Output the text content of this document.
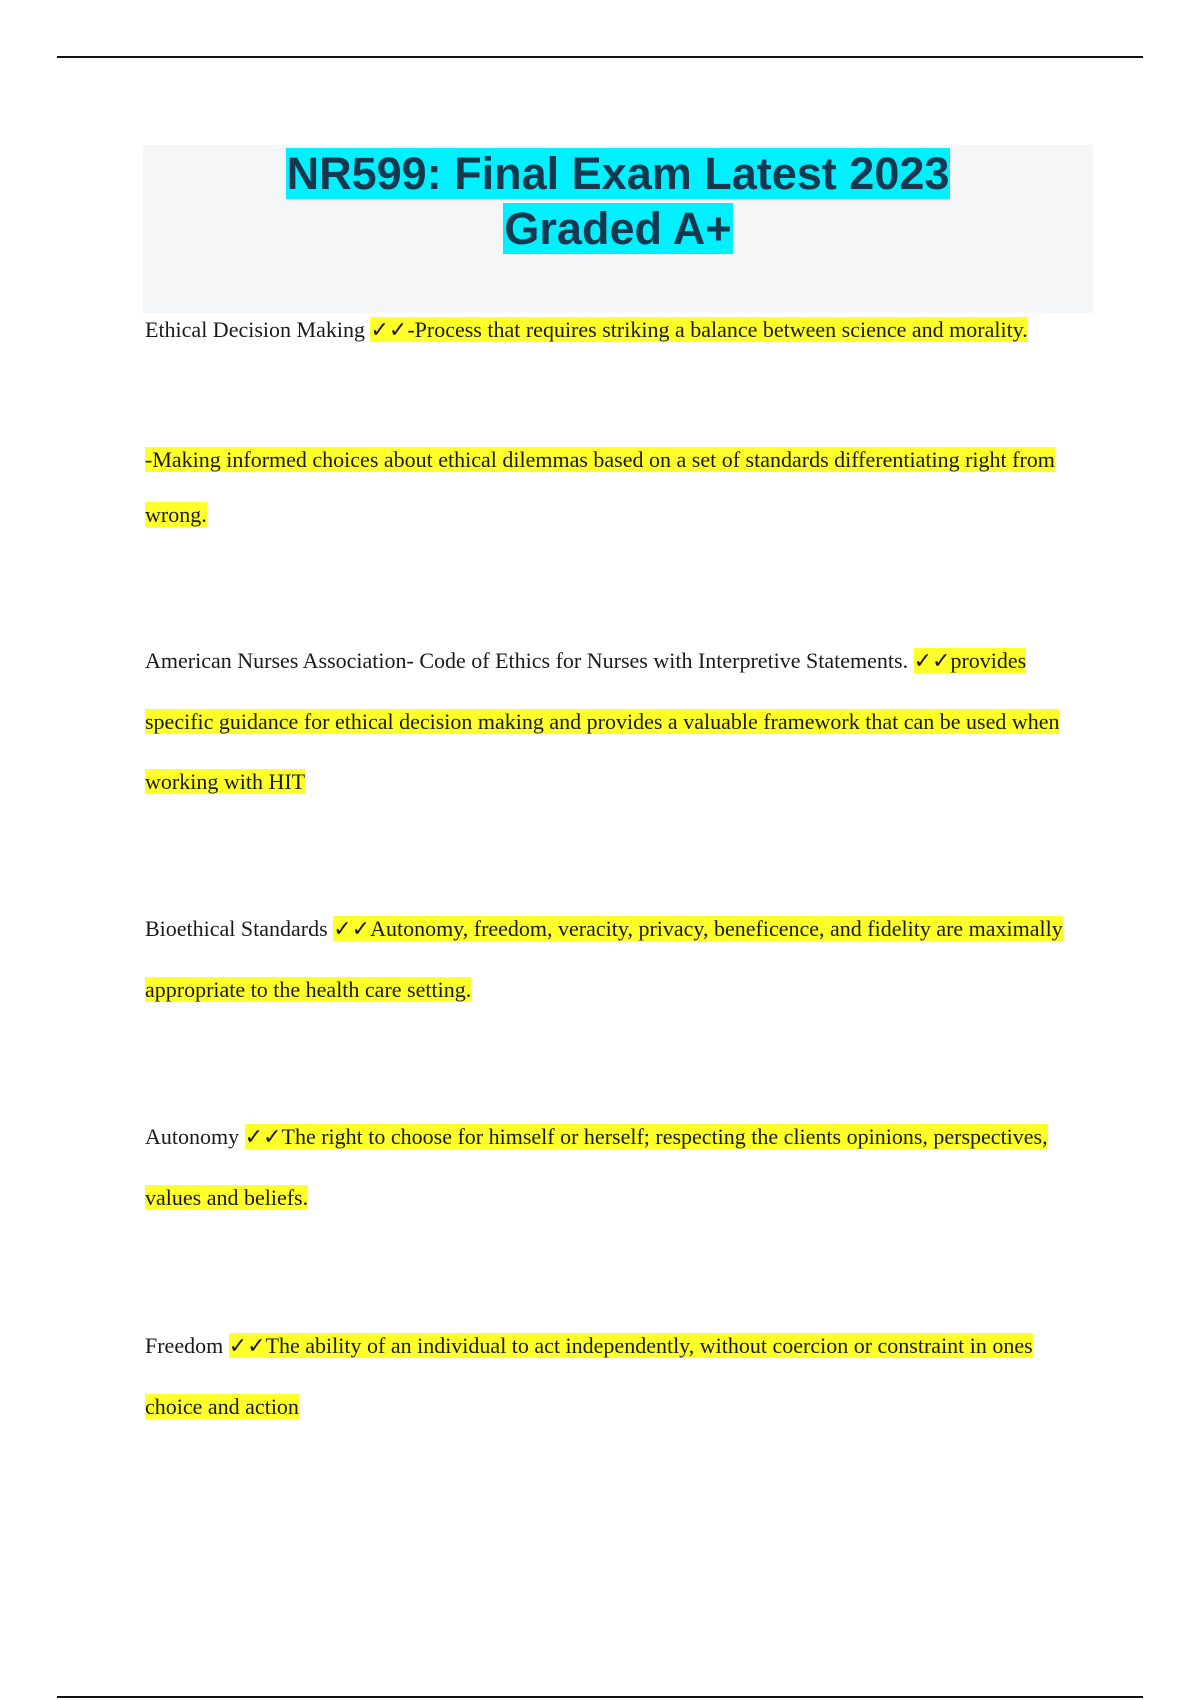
NR599: Final Exam Latest 2023
Graded A+

Ethical Decision Making ✓✓-Process that requires striking a balance between science and morality.

-Making informed choices about ethical dilemmas based on a set of standards differentiating right from wrong.

American Nurses Association- Code of Ethics for Nurses with Interpretive Statements. ✓✓provides specific guidance for ethical decision making and provides a valuable framework that can be used when working with HIT

Bioethical Standards ✓✓Autonomy, freedom, veracity, privacy, beneficence, and fidelity are maximally appropriate to the health care setting.

Autonomy ✓✓The right to choose for himself or herself; respecting the clients opinions, perspectives, values and beliefs.

Freedom ✓✓The ability of an individual to act independently, without coercion or constraint in ones choice and action
